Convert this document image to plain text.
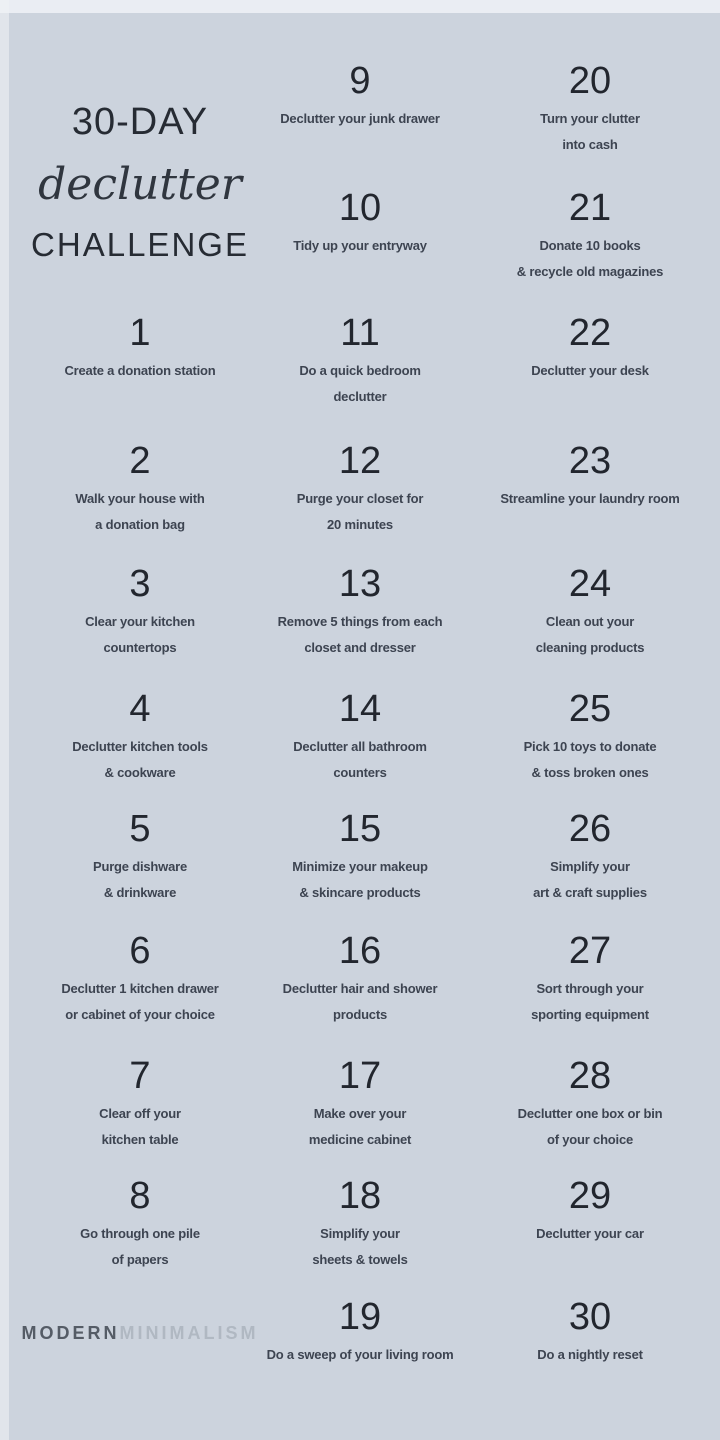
30-DAY
declutter
CHALLENGE
1
Create a donation station
2
Walk your house with
a donation bag
3
Clear your kitchen
countertops
4
Declutter kitchen tools
& cookware
5
Purge dishware
& drinkware
6
Declutter 1 kitchen drawer
or cabinet of your choice
7
Clear off your
kitchen table
8
Go through one pile
of papers
9
Declutter your junk drawer
10
Tidy up your entryway
11
Do a quick bedroom
declutter
12
Purge your closet for
20 minutes
13
Remove 5 things from each
closet and dresser
14
Declutter all bathroom
counters
15
Minimize your makeup
& skincare products
16
Declutter hair and shower
products
17
Make over your
medicine cabinet
18
Simplify your
sheets & towels
19
Do a sweep of your living room
20
Turn your clutter
into cash
21
Donate 10 books
& recycle old magazines
22
Declutter your desk
23
Streamline your laundry room
24
Clean out your
cleaning products
25
Pick 10 toys to donate
& toss broken ones
26
Simplify your
art & craft supplies
27
Sort through your
sporting equipment
28
Declutter one box or bin
of your choice
29
Declutter your car
30
Do a nightly reset
MODERNMINIMALISM
